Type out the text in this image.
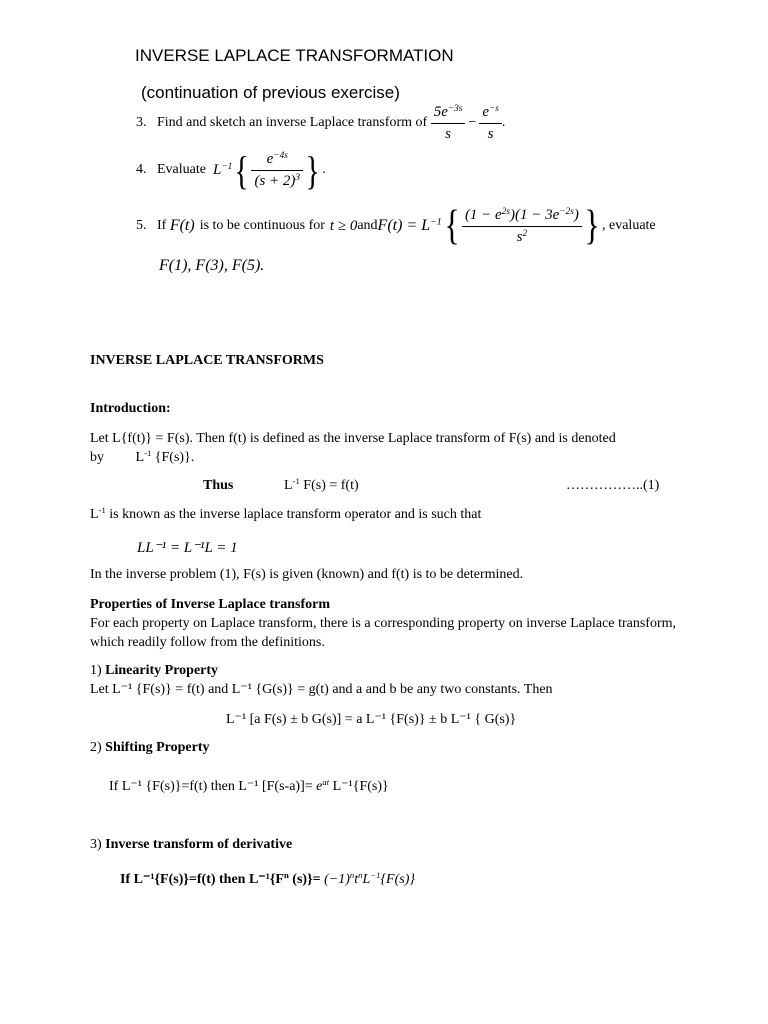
INVERSE LAPLACE TRANSFORMATION
(continuation of previous exercise)
3.
Find and sketch an inverse Laplace transform of
$\frac{5e^{-3s}}{s} - \frac{e^{-s}}{s}$ .
4.
Evaluate
$L^{-1}$ { $\frac{e^{-4s}}{(s + 2)^3}$ } .
5.
If
F(t) is to be continuous for t ≥ 0 and $F(t) = L^{-1}$ { $\frac{(1 - e^{2s})(1 - 3e^{-2s})}{s^2}$ } , evaluate
F(1), F(3), F(5).
INVERSE LAPLACE TRANSFORMS
Introduction:
Let L{f(t)} = F(s). Then f(t) is defined as the inverse Laplace transform of F(s) and is denoted
by $L^{-1}$ {F(s)}.
Thus	$L^{-1}$ F(s) = f(t)	……………..(1)
$L^{-1}$ is known as the inverse laplace transform operator and is such that
LL⁻¹ = L⁻¹L = 1
In the inverse problem (1), F(s) is given (known) and f(t) is to be determined.
Properties of Inverse Laplace transform
For each property on Laplace transform, there is a corresponding property on inverse Laplace transform, which readily follow from the definitions.
1) Linearity Property
Let L⁻¹ {F(s)} = f(t) and L⁻¹ {G(s)} = g(t) and a and b be any two constants. Then
L⁻¹ [a F(s) ± b G(s)] = a L⁻¹ {F(s)} ± b L⁻¹ { G(s)}
2) Shifting Property
If L⁻¹ {F(s)}=f(t) then L⁻¹ $[F(s-a)]= e^{at}$ L⁻¹{F(s)}
3) Inverse transform of derivative
If L⁻¹{F(s)}=f(t) then $L^{-1}\{F^n$ $(s)\}= (-1)^nt^nL^{-1}\{F(s)\}$
